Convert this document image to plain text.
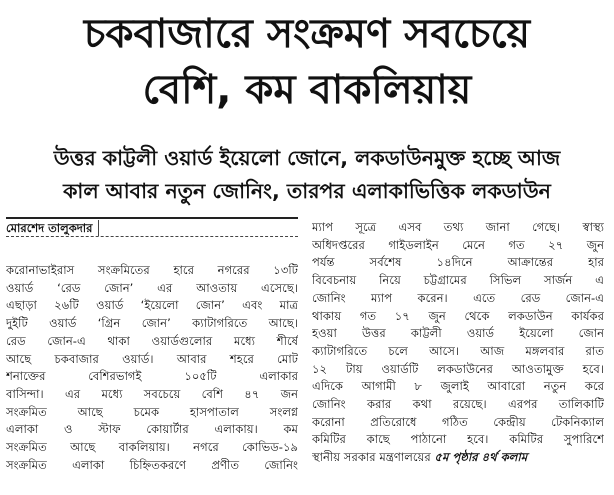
চকবাজারে সংক্রমণ সবচেয়ে
বেশি, কম বাকলিয়ায়
উত্তর কাট্টলী ওয়ার্ড ইয়েলো জোনে, লকডাউনমুক্ত হচ্ছে আজ
কাল আবার নতুন জোনিং, তারপর এলাকাভিত্তিক লকডাউন
মোরশেদ তালুকদার
করোনাভাইরাস সংক্রমিতের হারে নগরের ১৩টি
ওয়ার্ড ‘রেড জোন’ এর আওতায় এসেছে।
এছাড়া ২৬টি ওয়ার্ড ‘ইয়েলো জোন’ এবং মাত্র
দুইটি ওয়ার্ড ‘গ্রিন জোন’ ক্যাটাগরিতে আছে।
রেড জোন-এ থাকা ওয়ার্ডগুলোর মধ্যে শীর্ষে
আছে চকবাজার ওয়ার্ড। আবার শহরে মোট
শনাক্তের বেশিরভাগই ১০৫টি এলাকার
বাসিন্দা। এর মধ্যে সবচেয়ে বেশি ৪৭ জন
সংক্রমিত আছে চমেক হাসপাতাল সংলগ্ন
এলাকা ও স্টাফ কোয়ার্টার এলাকায়। কম
সংক্রমিত আছে বাকলিয়ায়। নগরে কোভিড-১৯
সংক্রমিত এলাকা চিহ্নিতকরণে প্রণীত জোনিং
ম্যাপ সূত্রে এসব তথ্য জানা গেছে। স্বাস্থ্য
অধিদপ্তরের গাইডলাইন মেনে গত ২৭ জুন
পর্যন্ত সর্বশেষ ১৪দিনে আক্রান্তের হার
বিবেচনায় নিয়ে চট্টগ্রামের সিভিল সার্জন এ
জোনিং ম্যাপ করেন। এতে রেড জোন-এ
থাকায় গত ১৭ জুন থেকে লকডাউন কার্যকর
হওয়া উত্তর কাট্টলী ওয়ার্ড ইয়েলো জোন
ক্যাটাগরিতে চলে আসে। আজ মঙ্গলবার রাত
১২ টায় ওয়ার্ডটি লকডাউনের আওতামুক্ত হবে।
এদিকে আগামী ৮ জুলাই আবারো নতুন করে
জোনিং করার কথা রয়েছে। এরপর তালিকাটি
করোনা প্রতিরোধে গঠিত কেন্দ্রীয় টেকনিক্যাল
কমিটির কাছে পাঠানো হবে। কমিটির সুপারিশে
স্থানীয় সরকার মন্ত্রণালয়ের ৫ম পৃষ্ঠার ৪র্থ কলাম
